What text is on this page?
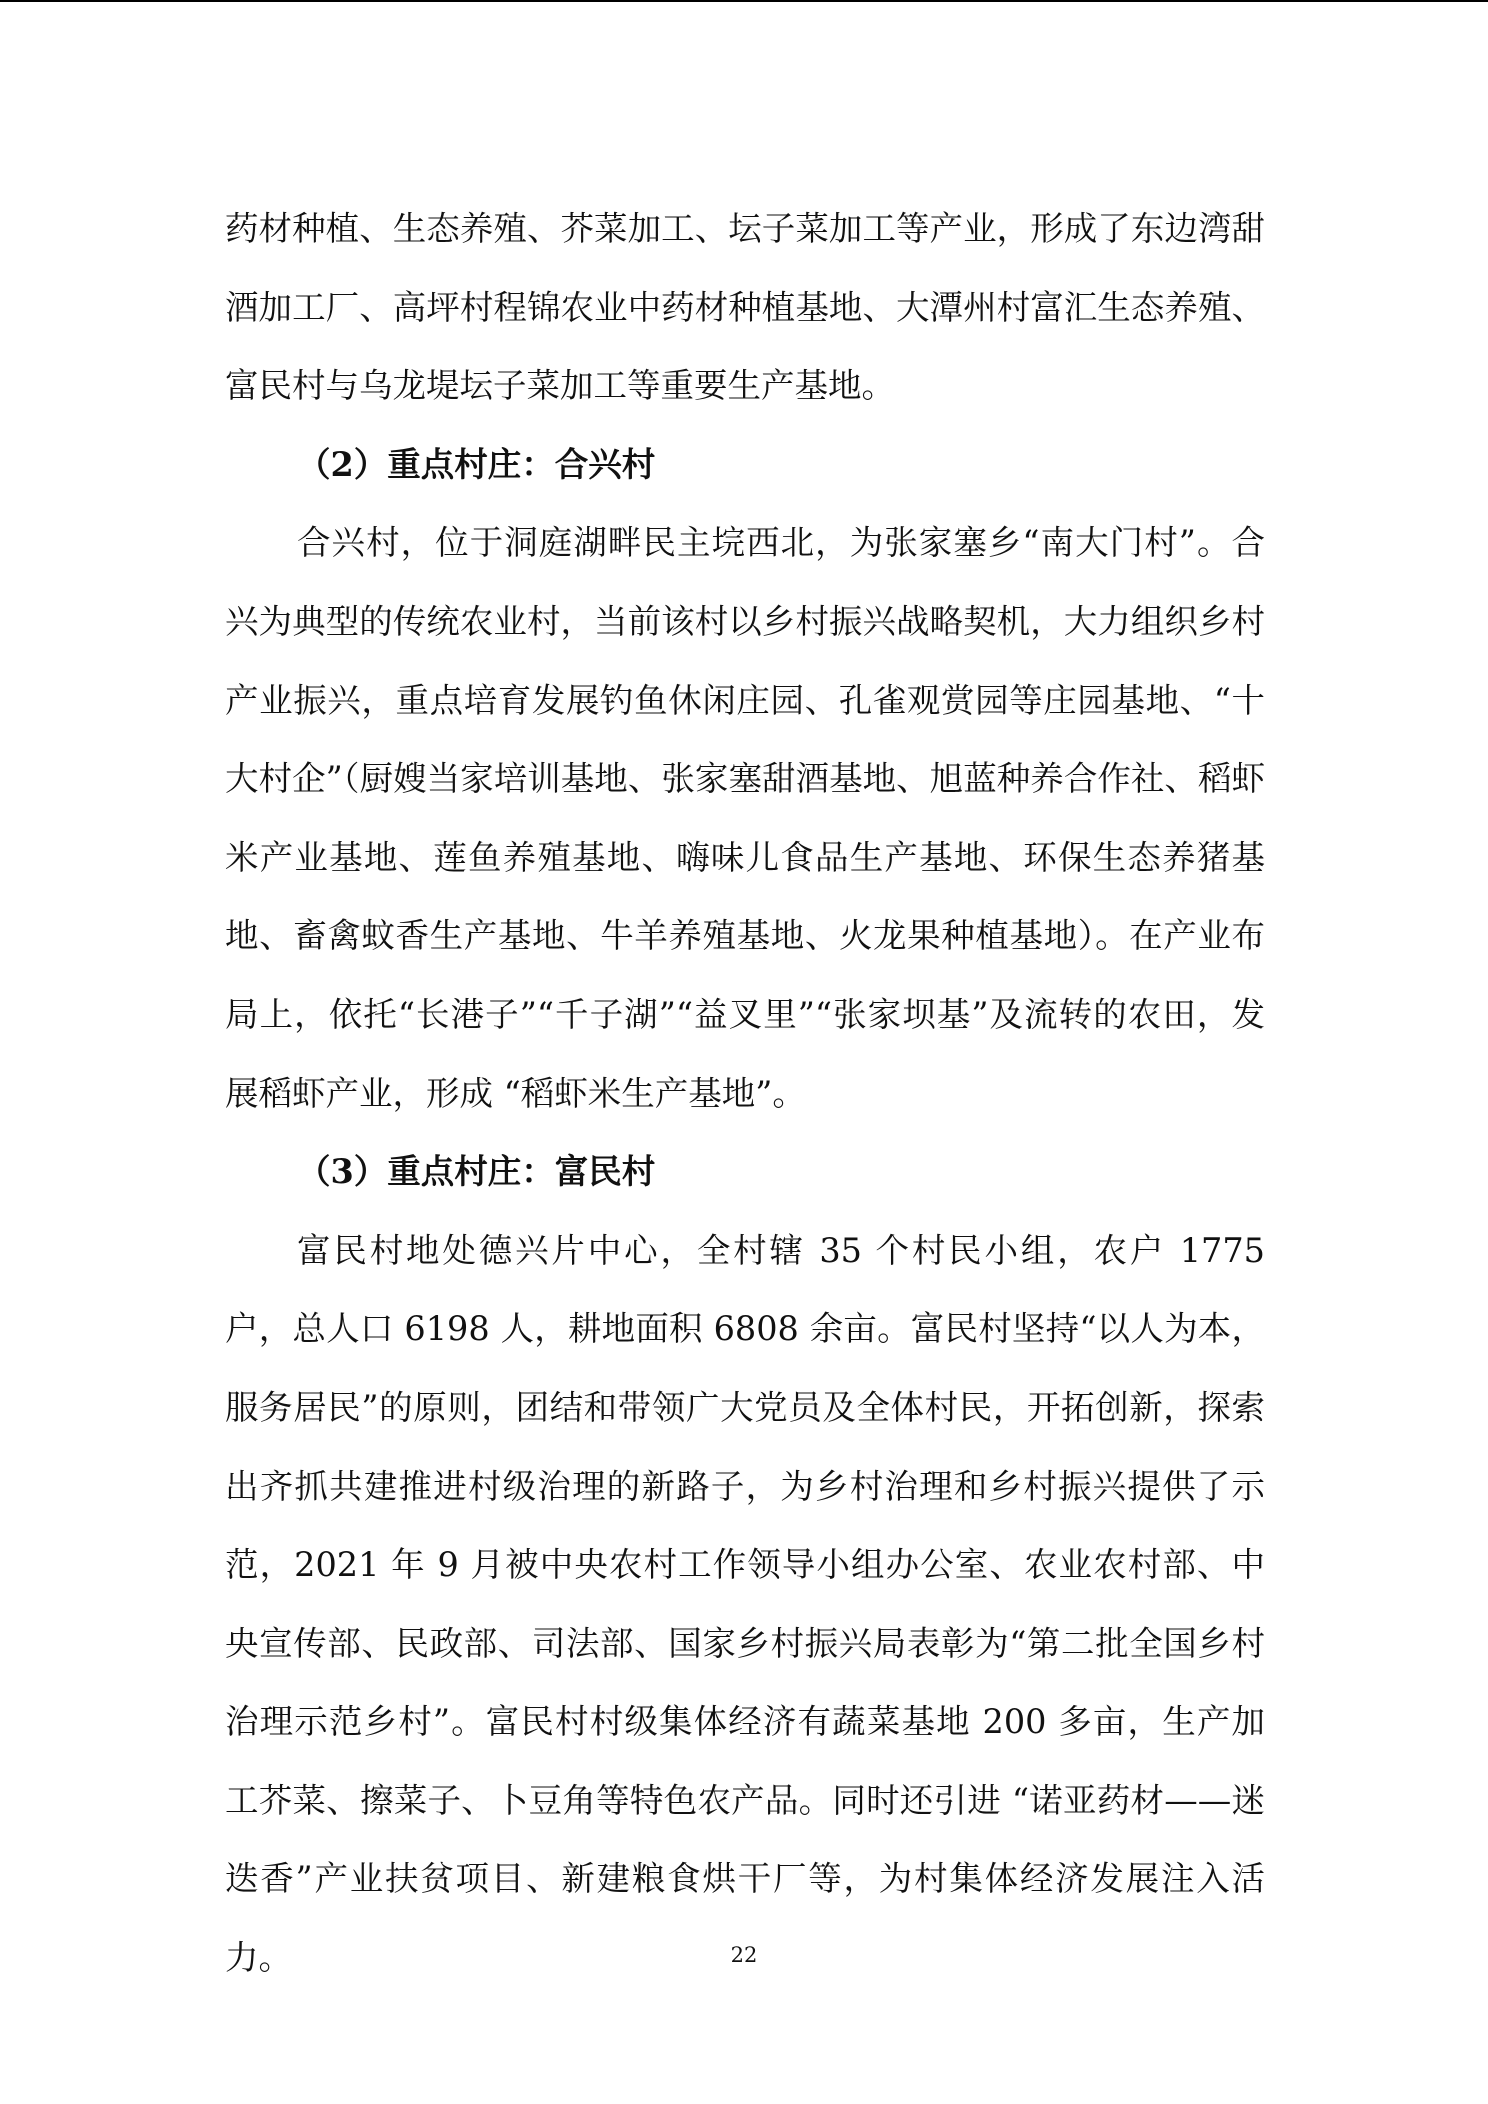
药材种植、生态养殖、芥菜加工、坛子菜加工等产业，形成了东边湾甜酒加工厂、高坪村程锦农业中药材种植基地、大潭州村富汇生态养殖、富民村与乌龙堤坛子菜加工等重要生产基地。

（2）重点村庄：合兴村

合兴村，位于洞庭湖畔民主垸西北，为张家塞乡“南大门村”。合兴为典型的传统农业村，当前该村以乡村振兴战略契机，大力组织乡村产业振兴，重点培育发展钓鱼休闲庄园、孔雀观赏园等庄园基地、“十大村企”（厨嫂当家培训基地、张家塞甜酒基地、旭蓝种养合作社、稻虾米产业基地、莲鱼养殖基地、嗨味儿食品生产基地、环保生态养猪基地、畜禽蚊香生产基地、牛羊养殖基地、火龙果种植基地）。在产业布局上，依托“长港子”“千子湖”“益叉里”“张家坝基”及流转的农田，发展稻虾产业，形成 “稻虾米生产基地”。

（3）重点村庄：富民村

富民村地处德兴片中心，全村辖 35 个村民小组，农户 1775 户，总人口 6198 人，耕地面积 6808 余亩。富民村坚持“以人为本，服务居民”的原则，团结和带领广大党员及全体村民，开拓创新，探索出齐抓共建推进村级治理的新路子，为乡村治理和乡村振兴提供了示范，2021 年 9 月被中央农村工作领导小组办公室、农业农村部、中央宣传部、民政部、司法部、国家乡村振兴局表彰为“第二批全国乡村治理示范乡村”。富民村村级集体经济有蔬菜基地 200 多亩，生产加工芥菜、擦菜子、卜豆角等特色农产品。同时还引进 “诺亚药材——迷迭香”产业扶贫项目、新建粮食烘干厂等，为村集体经济发展注入活力。	22
